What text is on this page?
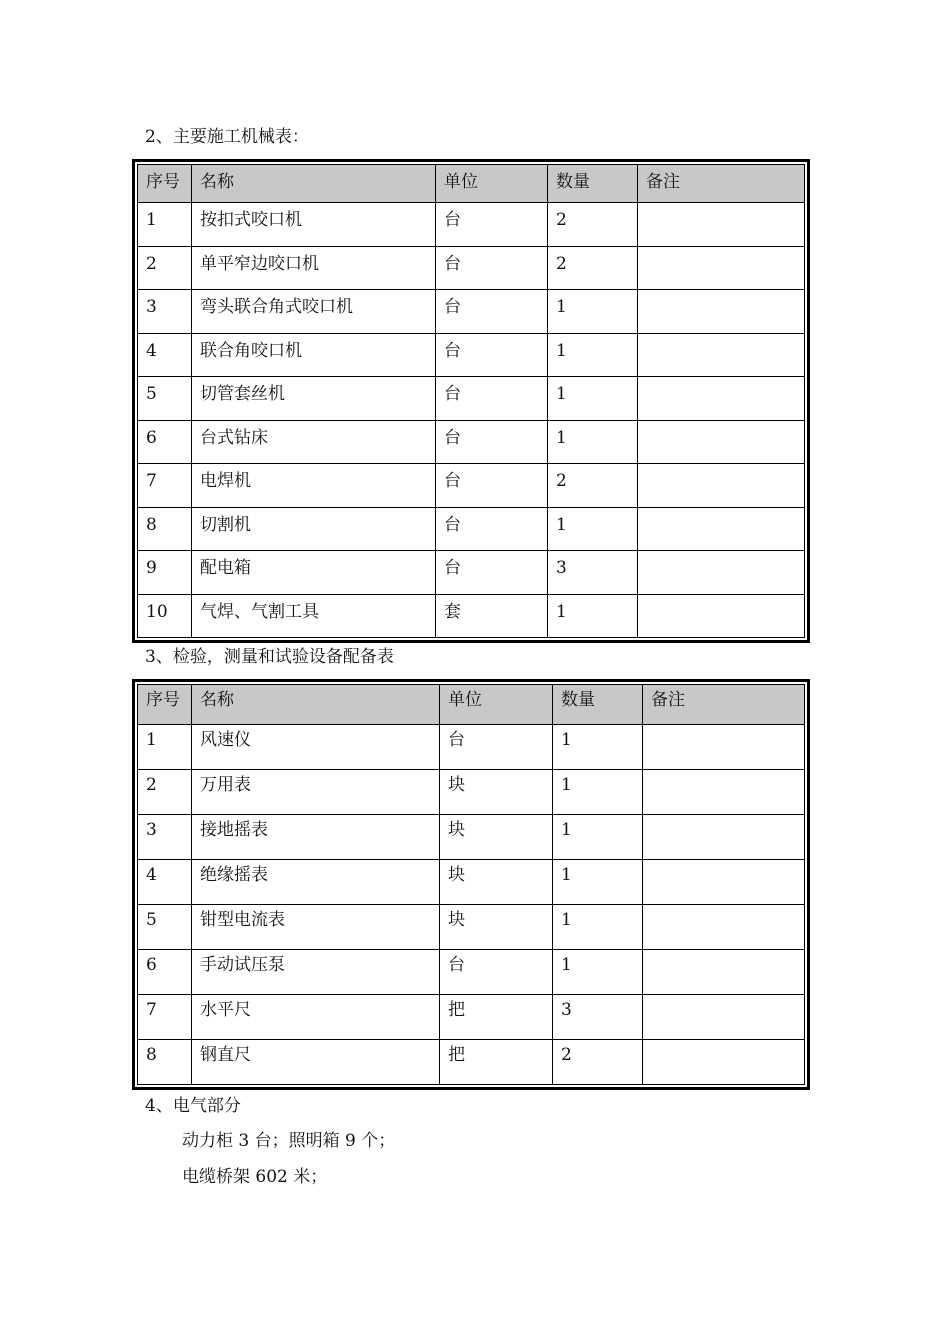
2、主要施工机械表：
序号	名称	单位	数量	备注
1	按扣式咬口机	台	2	
2	单平窄边咬口机	台	2	
3	弯头联合角式咬口机	台	1	
4	联合角咬口机	台	1	
5	切管套丝机	台	1	
6	台式钻床	台	1	
7	电焊机	台	2	
8	切割机	台	1	
9	配电箱	台	3	
10	气焊、气割工具	套	1	
3、检验，测量和试验设备配备表
序号	名称	单位	数量	备注
1	风速仪	台	1	
2	万用表	块	1	
3	接地摇表	块	1	
4	绝缘摇表	块	1	
5	钳型电流表	块	1	
6	手动试压泵	台	1	
7	水平尺	把	3	
8	钢直尺	把	2	
4、电气部分
动力柜 3 台；照明箱 9 个；
电缆桥架 602 米；
